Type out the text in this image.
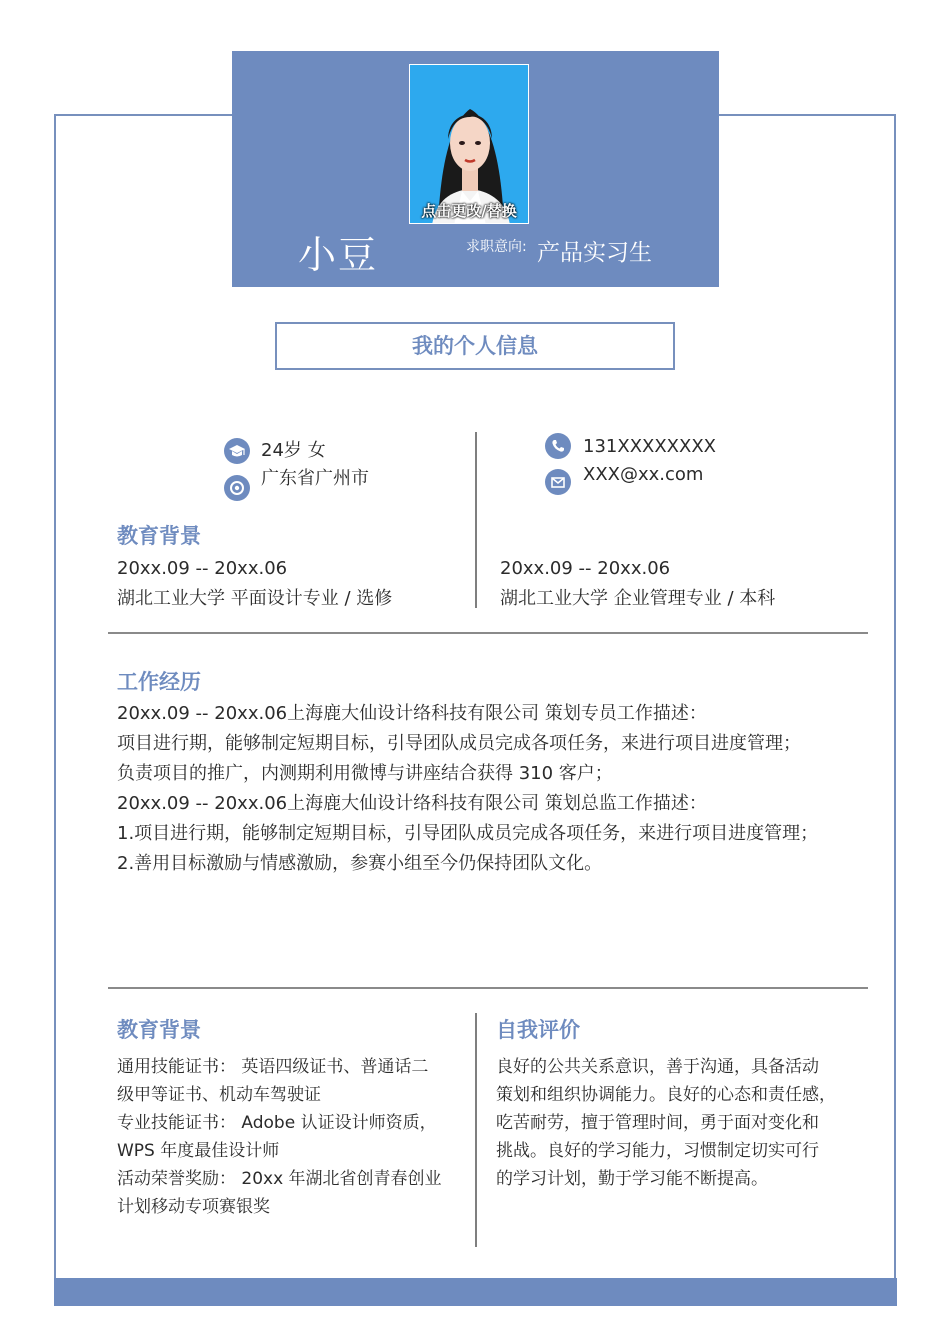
点击更改/替换
小豆	求职意向: 产品实习生
我的个人信息
24岁 女
广东省广州市
131XXXXXXXX
XXX@xx.com
教育背景
20xx.09 -- 20xx.06
湖北工业大学 平面设计专业 / 选修
20xx.09 -- 20xx.06
湖北工业大学 企业管理专业 / 本科
工作经历
20xx.09 -- 20xx.06上海鹿大仙设计络科技有限公司 策划专员工作描述：
项目进行期，能够制定短期目标，引导团队成员完成各项任务，来进行项目进度管理；
负责项目的推广，内测期利用微博与讲座结合获得 310 客户；
20xx.09 -- 20xx.06上海鹿大仙设计络科技有限公司 策划总监工作描述：
1.项目进行期，能够制定短期目标，引导团队成员完成各项任务，来进行项目进度管理；
2.善用目标激励与情感激励，参赛小组至今仍保持团队文化。
教育背景
通用技能证书： 英语四级证书、普通话二
级甲等证书、机动车驾驶证
专业技能证书： Adobe 认证设计师资质，
WPS 年度最佳设计师
活动荣誉奖励： 20xx 年湖北省创青春创业
计划移动专项赛银奖
自我评价
良好的公共关系意识，善于沟通，具备活动
策划和组织协调能力。良好的心态和责任感，
吃苦耐劳，擅于管理时间，勇于面对变化和
挑战。良好的学习能力，习惯制定切实可行
的学习计划，勤于学习能不断提高。
